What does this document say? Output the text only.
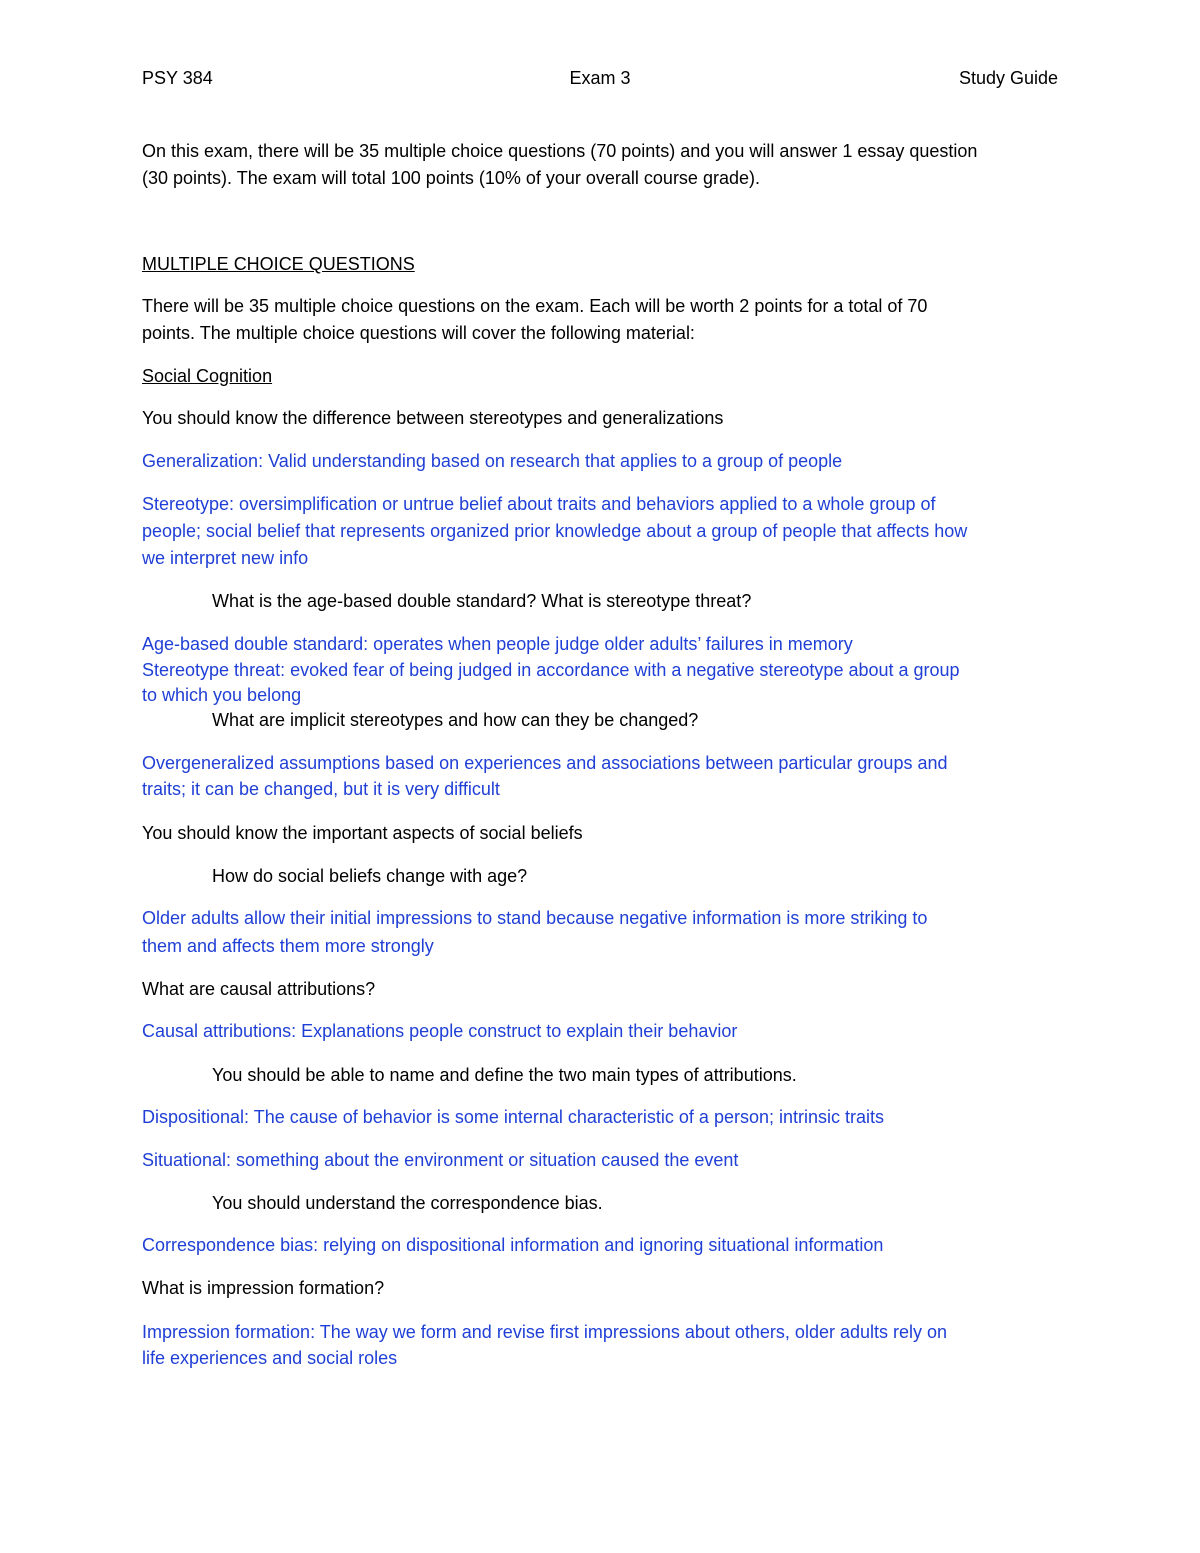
PSY 384	Exam 3	Study Guide
On this exam, there will be 35 multiple choice questions (70 points) and you will answer 1 essay question
(30 points). The exam will total 100 points (10% of your overall course grade).
MULTIPLE CHOICE QUESTIONS
There will be 35 multiple choice questions on the exam. Each will be worth 2 points for a total of 70
points. The multiple choice questions will cover the following material:
Social Cognition
You should know the difference between stereotypes and generalizations
Generalization: Valid understanding based on research that applies to a group of people
Stereotype: oversimplification or untrue belief about traits and behaviors applied to a whole group of
people; social belief that represents organized prior knowledge about a group of people that affects how
we interpret new info
What is the age-based double standard? What is stereotype threat?
Age-based double standard: operates when people judge older adults’ failures in memory
Stereotype threat: evoked fear of being judged in accordance with a negative stereotype about a group
to which you belong
What are implicit stereotypes and how can they be changed?
Overgeneralized assumptions based on experiences and associations between particular groups and
traits; it can be changed, but it is very difficult
You should know the important aspects of social beliefs
How do social beliefs change with age?
Older adults allow their initial impressions to stand because negative information is more striking to
them and affects them more strongly
What are causal attributions?
Causal attributions: Explanations people construct to explain their behavior
You should be able to name and define the two main types of attributions.
Dispositional: The cause of behavior is some internal characteristic of a person; intrinsic traits
Situational: something about the environment or situation caused the event
You should understand the correspondence bias.
Correspondence bias: relying on dispositional information and ignoring situational information
What is impression formation?
Impression formation: The way we form and revise first impressions about others, older adults rely on
life experiences and social roles
